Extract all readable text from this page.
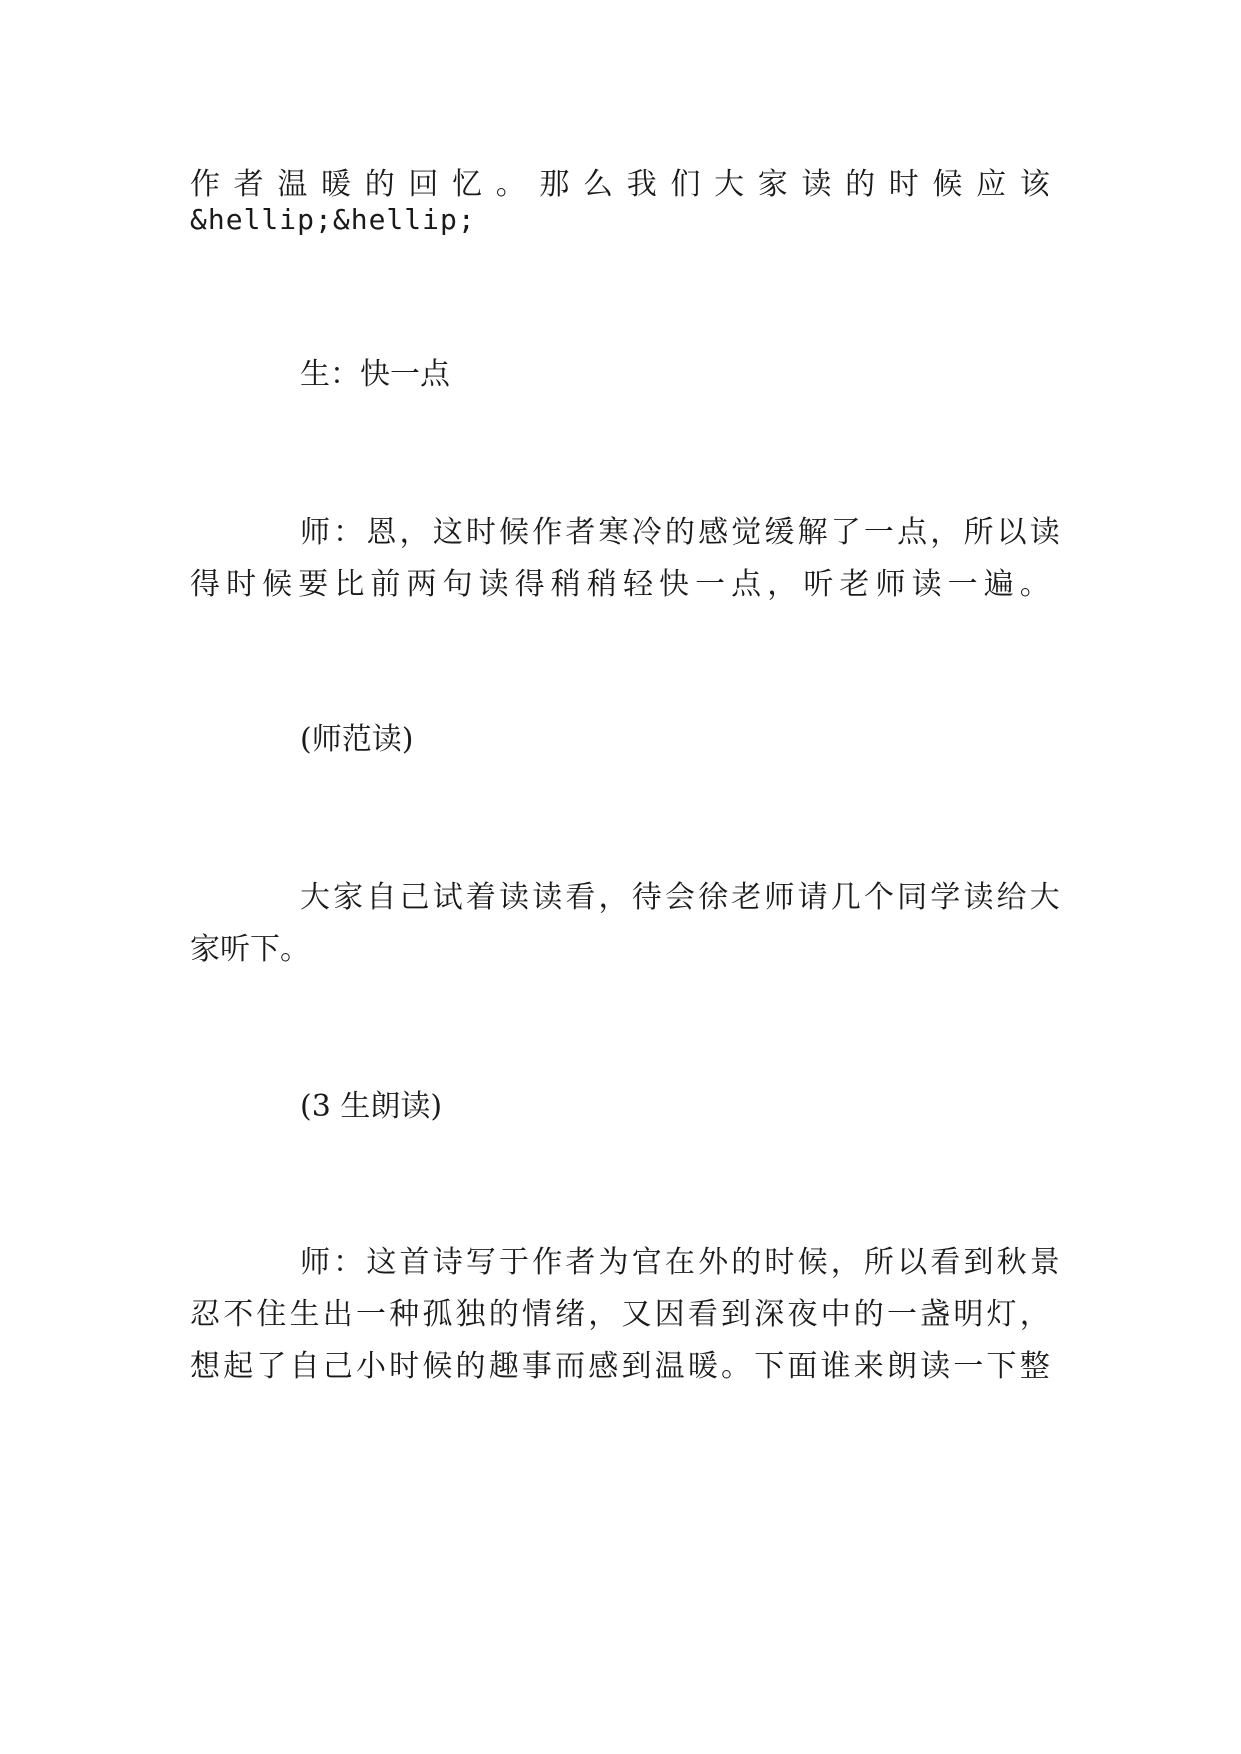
作 者 温 暖 的 回 忆 。 那 么 我 们 大 家 读 的 时 候 应 该
&hellip;&hellip;
生：快一点
师 ： 恩 ， 这 时 候 作 者 寒 冷 的 感 觉 缓 解 了 一 点 ， 所 以 读
得 时 候 要 比 前 两 句 读 得 稍 稍 轻 快 一 点 ， 听 老 师 读 一 遍 。
(师范读)
大 家 自 己 试 着 读 读 看 ， 待 会 徐 老 师 请 几 个 同 学 读 给 大
家听下。
(3 生朗读)
师 ： 这 首 诗 写 于 作 者 为 官 在 外 的 时 候 ， 所 以 看 到 秋 景
忍 不 住 生 出 一 种 孤 独 的 情 绪 ， 又 因 看 到 深 夜 中 的 一 盏 明 灯 ，
想 起 了 自 己 小 时 候 的 趣 事 而 感 到 温 暖 。 下 面 谁 来 朗 读 一 下 整
